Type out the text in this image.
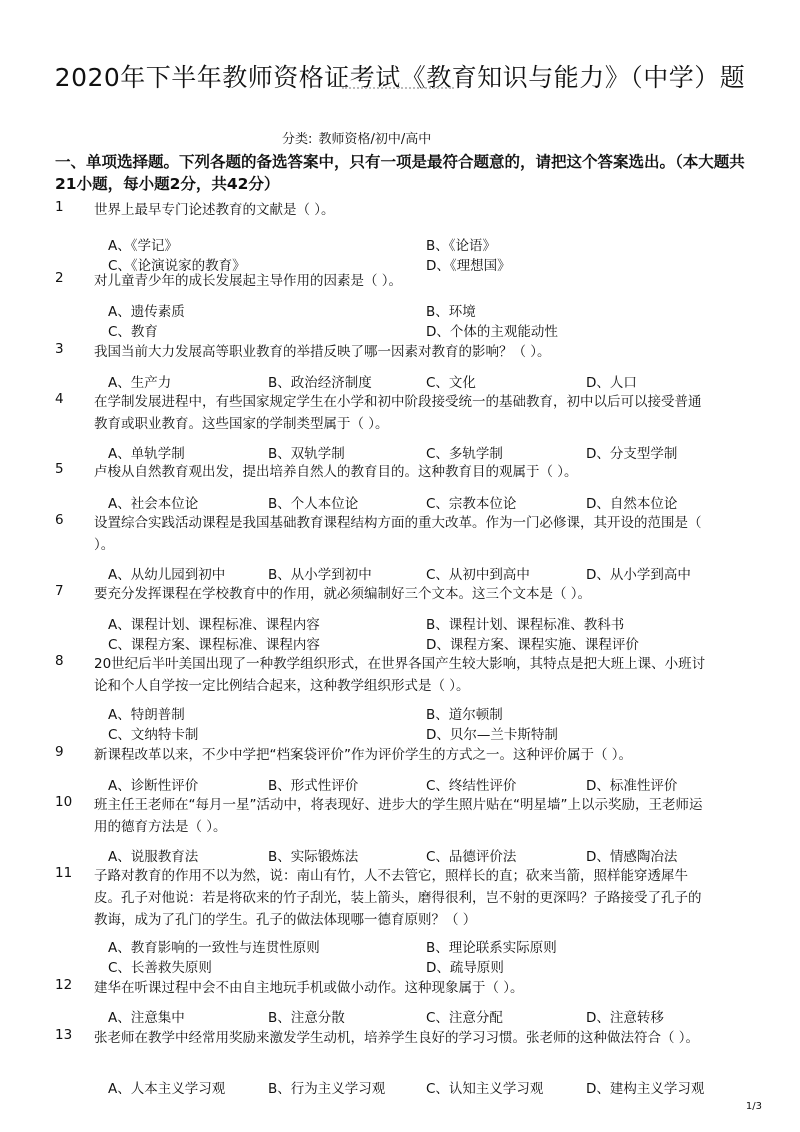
2020年下半年教师资格证考试《教育知识与能力》（中学）题
分类: 教师资格/初中/高中
一、单项选择题。下列各题的备选答案中，只有一项是最符合题意的，请把这个答案选出。（本大题共21小题，每小题2分，共42分）
1 世界上最早专门论述教育的文献是（ ）。
A、《学记》	B、《论语》
C、《论演说家的教育》	D、《理想国》
2 对儿童青少年的成长发展起主导作用的因素是（ ）。
A、遗传素质	B、环境
C、教育	D、个体的主观能动性
3 我国当前大力发展高等职业教育的举措反映了哪一因素对教育的影响？（ ）。
A、生产力	B、政治经济制度	C、文化	D、人口
4 在学制发展进程中，有些国家规定学生在小学和初中阶段接受统一的基础教育，初中以后可以接受普通教育或职业教育。这些国家的学制类型属于（ ）。
A、单轨学制	B、双轨学制	C、多轨学制	D、分支型学制
5 卢梭从自然教育观出发，提出培养自然人的教育目的。这种教育目的观属于（ ）。
A、社会本位论	B、个人本位论	C、宗教本位论	D、自然本位论
6 设置综合实践活动课程是我国基础教育课程结构方面的重大改革。作为一门必修课，其开设的范围是（ ）。
A、从幼儿园到初中	B、从小学到初中	C、从初中到高中	D、从小学到高中
7 要充分发挥课程在学校教育中的作用，就必须编制好三个文本。这三个文本是（ ）。
A、课程计划、课程标准、课程内容	B、课程计划、课程标准、教科书
C、课程方案、课程标准、课程内容	D、课程方案、课程实施、课程评价
8 20世纪后半叶美国出现了一种教学组织形式，在世界各国产生较大影响，其特点是把大班上课、小班讨论和个人自学按一定比例结合起来，这种教学组织形式是（ ）。
A、特朗普制	B、道尔顿制
C、文纳特卡制	D、贝尔—兰卡斯特制
9 新课程改革以来，不少中学把“档案袋评价”作为评价学生的方式之一。这种评价属于（ ）。
A、诊断性评价	B、形式性评价	C、终结性评价	D、标准性评价
10 班主任王老师在“每月一星”活动中，将表现好、进步大的学生照片贴在“明星墙”上以示奖励，王老师运用的德育方法是（ ）。
A、说服教育法	B、实际锻炼法	C、品德评价法	D、情感陶冶法
11 子路对教育的作用不以为然，说：南山有竹，人不去管它，照样长的直；砍来当箭，照样能穿透犀牛皮。孔子对他说：若是将砍来的竹子刮光，装上箭头，磨得很利，岂不射的更深吗？子路接受了孔子的教诲，成为了孔门的学生。孔子的做法体现哪一德育原则？（ ）
A、教育影响的一致性与连贯性原则	B、理论联系实际原则
C、长善救失原则	D、疏导原则
12 建华在听课过程中会不由自主地玩手机或做小动作。这种现象属于（ ）。
A、注意集中	B、注意分散	C、注意分配	D、注意转移
13 张老师在教学中经常用奖励来激发学生动机，培养学生良好的学习习惯。张老师的这种做法符合（ ）。
A、人本主义学习观	B、行为主义学习观	C、认知主义学习观	D、建构主义学习观
1/3
